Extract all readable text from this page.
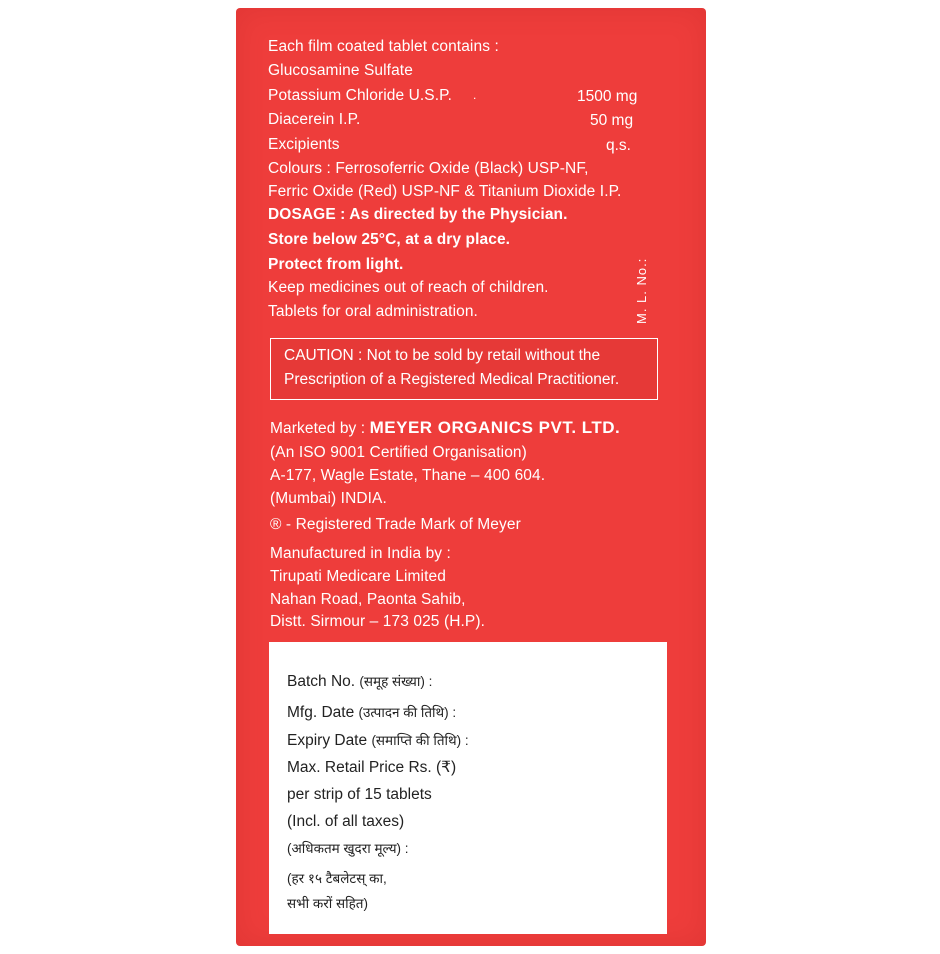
Each film coated tablet contains :
Glucosamine Sulfate
Potassium Chloride U.S.P. .	1500 mg
Diacerein I.P.	50 mg
Excipients	q.s.
Colours : Ferrosoferric Oxide (Black) USP-NF,
Ferric Oxide (Red) USP-NF & Titanium Dioxide I.P.
DOSAGE : As directed by the Physician.
Store below 25°C, at a dry place.
Protect from light.
Keep medicines out of reach of children.
Tablets for oral administration.	M. L. No.:
CAUTION : Not to be sold by retail without the
Prescription of a Registered Medical Practitioner.
Marketed by : MEYER ORGANICS PVT. LTD.
(An ISO 9001 Certified Organisation)
A-177, Wagle Estate, Thane – 400 604.
(Mumbai) INDIA.
® - Registered Trade Mark of Meyer
Manufactured in India by :
Tirupati Medicare Limited
Nahan Road, Paonta Sahib,
Distt. Sirmour – 173 025 (H.P).
Batch No. (समूह संख्या) :
Mfg. Date (उत्पादन की तिथि) :
Expiry Date (समाप्ति की तिथि) :
Max. Retail Price Rs. (₹)
per strip of 15 tablets
(Incl. of all taxes)
(अधिकतम खुदरा मूल्य) :
(हर १५ टैबलेटस् का,
सभी करों सहित)
